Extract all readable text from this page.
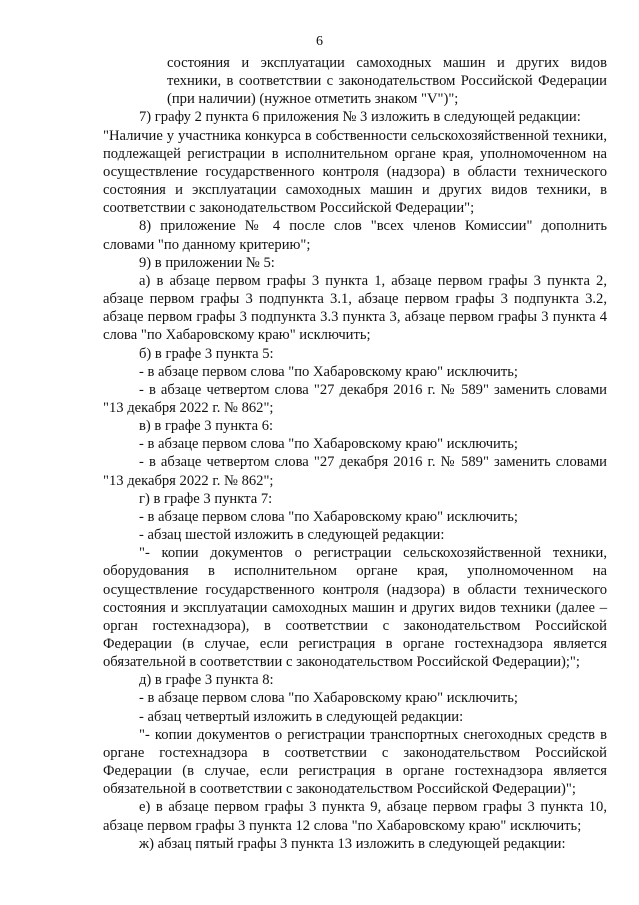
6

состояния и эксплуатации самоходных машин и других видов техники, в соответствии с законодательством Российской Федерации (при наличии) (нужное отметить знаком "V")";

7) графу 2 пункта 6 приложения № 3 изложить в следующей редакции:

"Наличие у участника конкурса в собственности сельскохозяйственной техники, подлежащей регистрации в исполнительном органе края, уполномоченном на осуществление государственного контроля (надзора) в области технического состояния и эксплуатации самоходных машин и других видов техники, в соответствии с законодательством Российской Федерации";

8) приложение № 4 после слов "всех членов Комиссии" дополнить словами "по данному критерию";

9) в приложении № 5:

а) в абзаце первом графы 3 пункта 1, абзаце первом графы 3 пункта 2, абзаце первом графы 3 подпункта 3.1, абзаце первом графы 3 подпункта 3.2, абзаце первом графы 3 подпункта 3.3 пункта 3, абзаце первом графы 3 пункта 4 слова "по Хабаровскому краю" исключить;

б) в графе 3 пункта 5:

- в абзаце первом слова "по Хабаровскому краю" исключить;

- в абзаце четвертом слова "27 декабря 2016 г. № 589" заменить словами "13 декабря 2022 г. № 862";

в) в графе 3 пункта 6:

- в абзаце первом слова "по Хабаровскому краю" исключить;

- в абзаце четвертом слова "27 декабря 2016 г. № 589" заменить словами "13 декабря 2022 г. № 862";

г) в графе 3 пункта 7:

- в абзаце первом слова "по Хабаровскому краю" исключить;

- абзац шестой изложить в следующей редакции:

"- копии документов о регистрации сельскохозяйственной техники, оборудования в исполнительном органе края, уполномоченном на осуществление государственного контроля (надзора) в области технического состояния и эксплуатации самоходных машин и других видов техники (далее – орган гостехнадзора), в соответствии с законодательством Российской Федерации (в случае, если регистрация в органе гостехнадзора является обязательной в соответствии с законодательством Российской Федерации);";

д) в графе 3 пункта 8:

- в абзаце первом слова "по Хабаровскому краю" исключить;

- абзац четвертый изложить в следующей редакции:

"- копии документов о регистрации транспортных снегоходных средств в органе гостехнадзора в соответствии с законодательством Российской Федерации (в случае, если регистрация в органе гостехнадзора является обязательной в соответствии с законодательством Российской Федерации)";

е) в абзаце первом графы 3 пункта 9, абзаце первом графы 3 пункта 10, абзаце первом графы 3 пункта 12 слова "по Хабаровскому краю" исключить;

ж) абзац пятый графы 3 пункта 13 изложить в следующей редакции:
